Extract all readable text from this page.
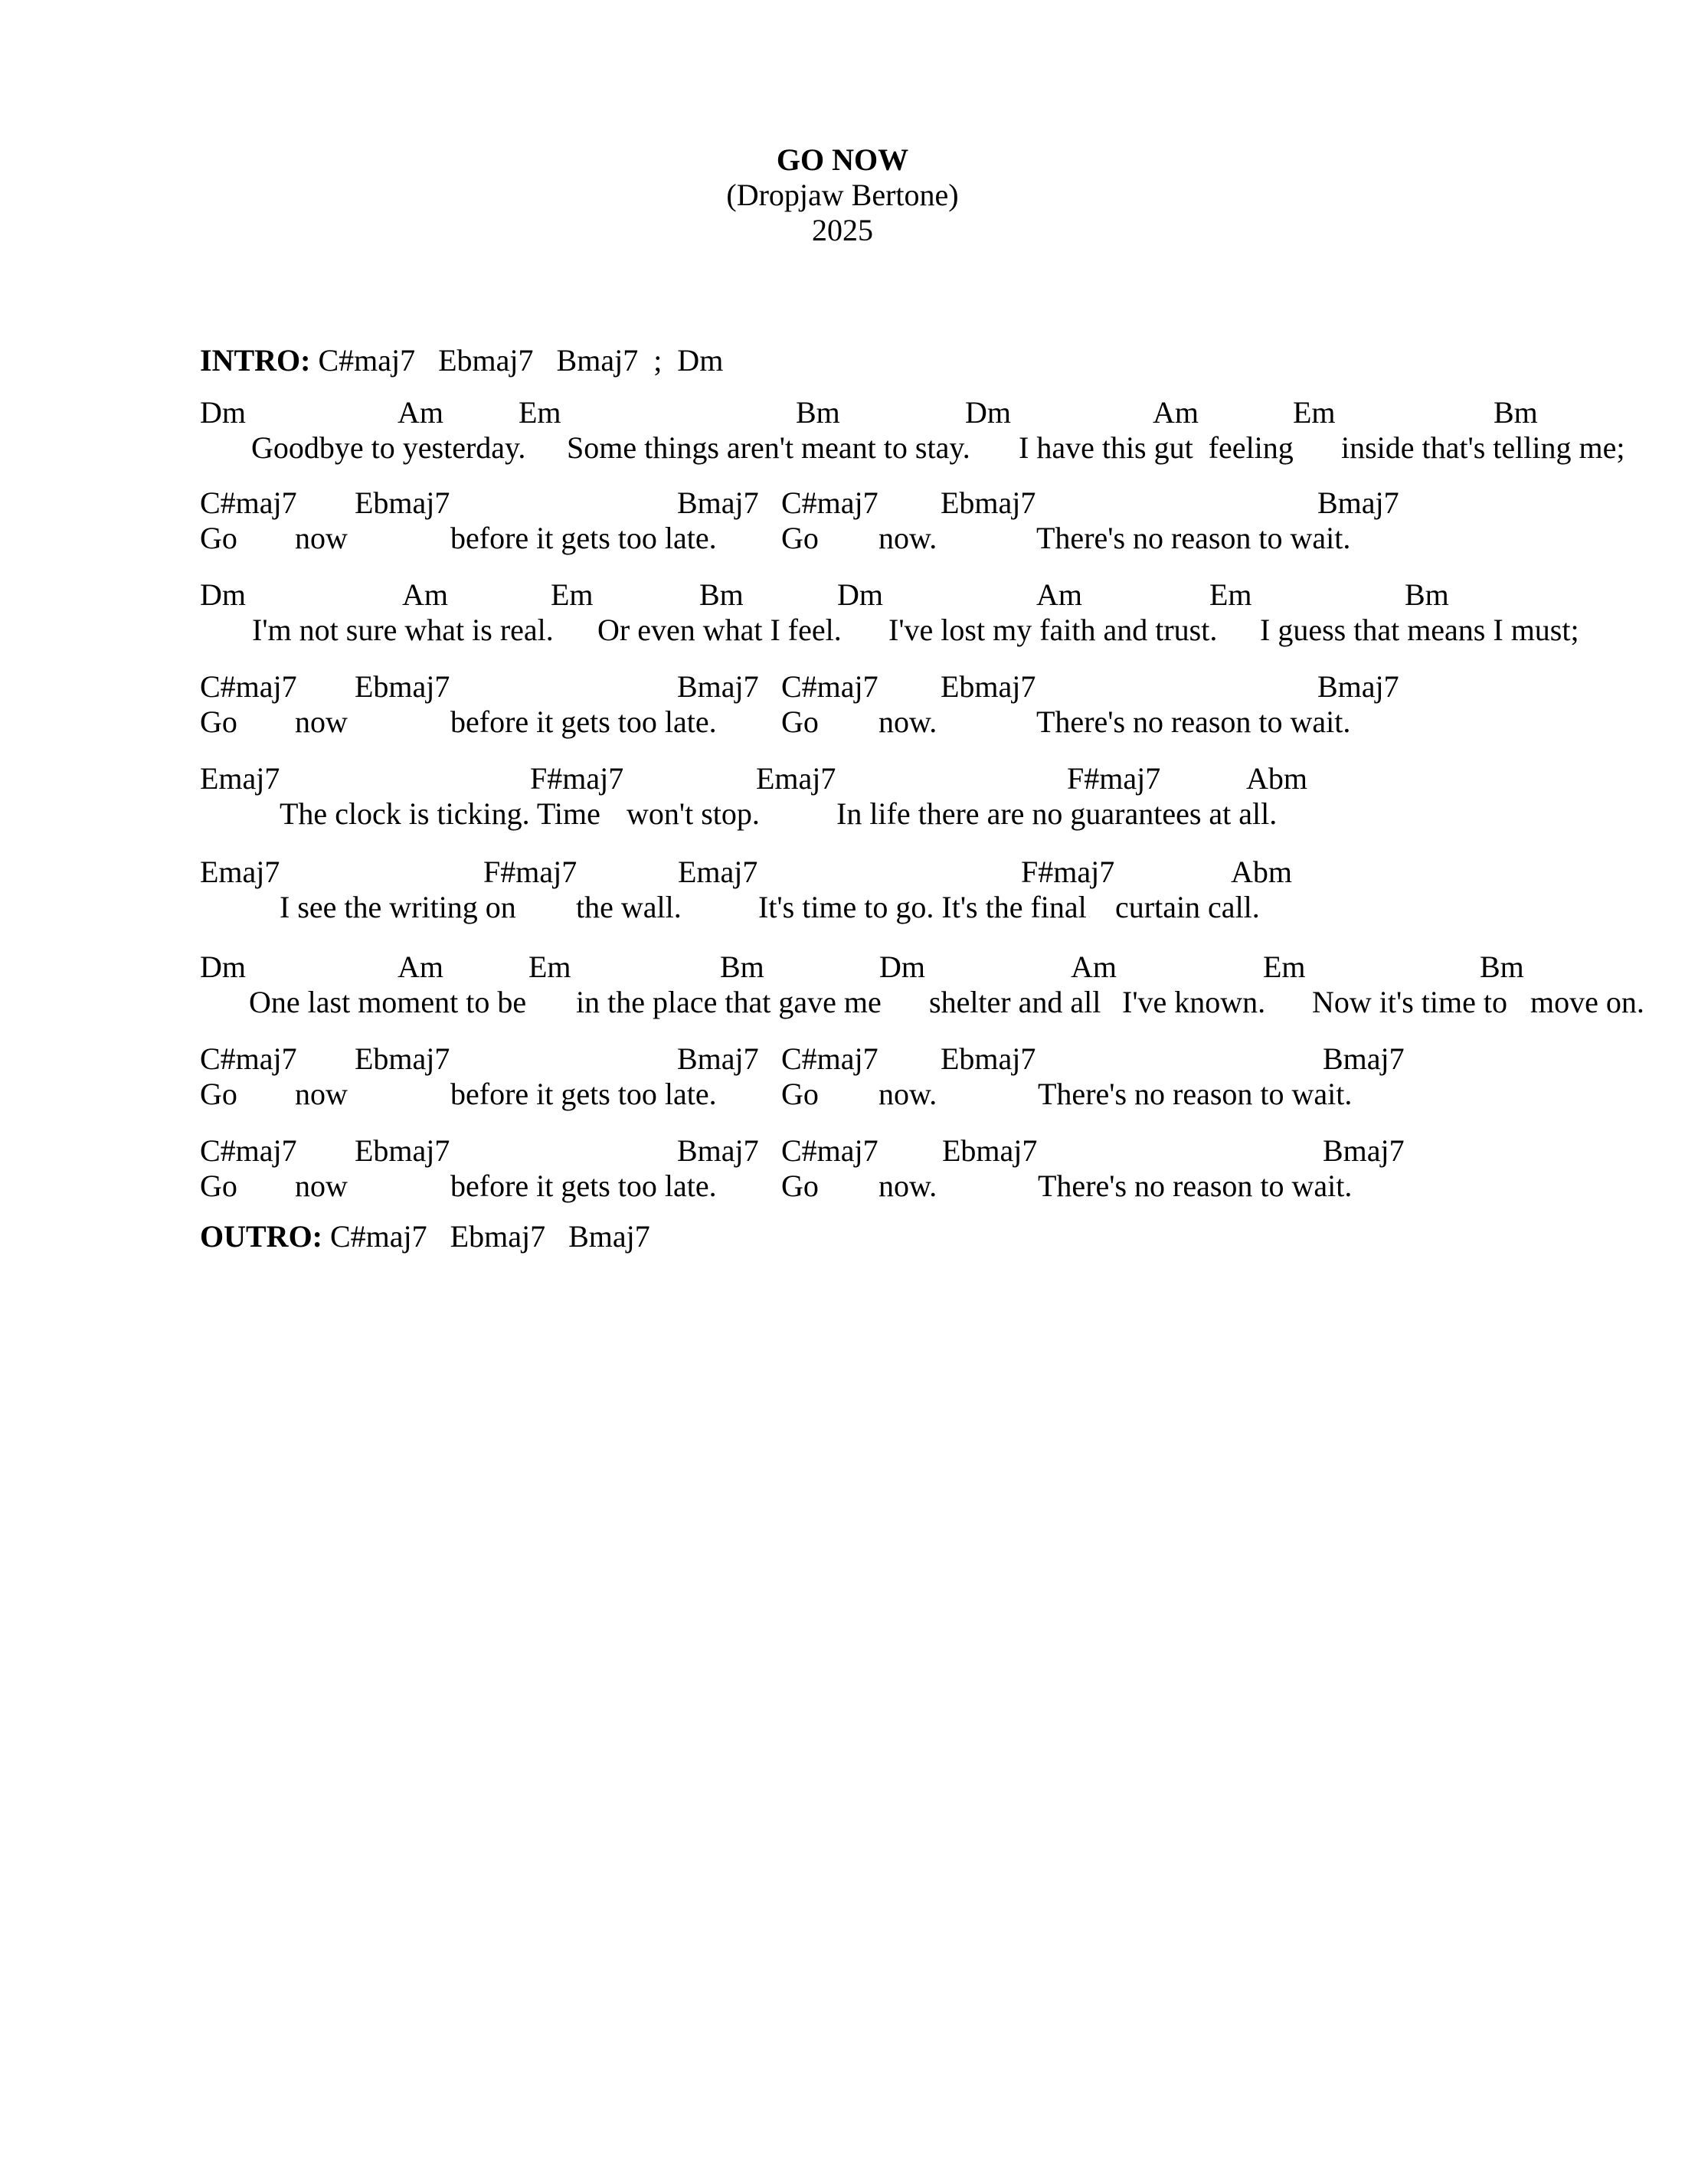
GO NOW
(Dropjaw Bertone)
2025
INTRO: C#maj7   Ebmaj7   Bmaj7  ;  Dm
Dm	Am Em	Bm	Dm	Am	Em	Bm
Goodbye to yesterday. Some things aren't meant to stay. I have this gut  feeling inside that's telling me;
C#maj7 Ebmaj7	Bmaj7 C#maj7 Ebmaj7	Bmaj7
Go now	before it gets too late. Go now.	There's no reason to wait.
Dm	Am	Em	Bm	Dm	Am	Em	Bm
I'm not sure what is real. Or even what I feel. I've lost my faith and trust. I guess that means I must;
C#maj7 Ebmaj7	Bmaj7 C#maj7 Ebmaj7	Bmaj7
Go now	before it gets too late. Go now.	There's no reason to wait.
Emaj7	F#maj7	Emaj7	F#maj7	Abm
The clock is ticking. Time won't stop.	In life there are no guarantees at all.
Emaj7	F#maj7	Emaj7	F#maj7	Abm
I see the writing on the wall.	It's time to go. It's the final curtain call.
Dm	Am	Em	Bm	Dm	Am	Em	Bm
One last moment to be in the place that gave me shelter and all I've known. Now it's time to move on.
C#maj7 Ebmaj7	Bmaj7 C#maj7 Ebmaj7	Bmaj7
Go now	before it gets too late. Go now.	There's no reason to wait.
C#maj7 Ebmaj7	Bmaj7 C#maj7 Ebmaj7	Bmaj7
Go now	before it gets too late. Go now.	There's no reason to wait.
OUTRO: C#maj7   Ebmaj7   Bmaj7
